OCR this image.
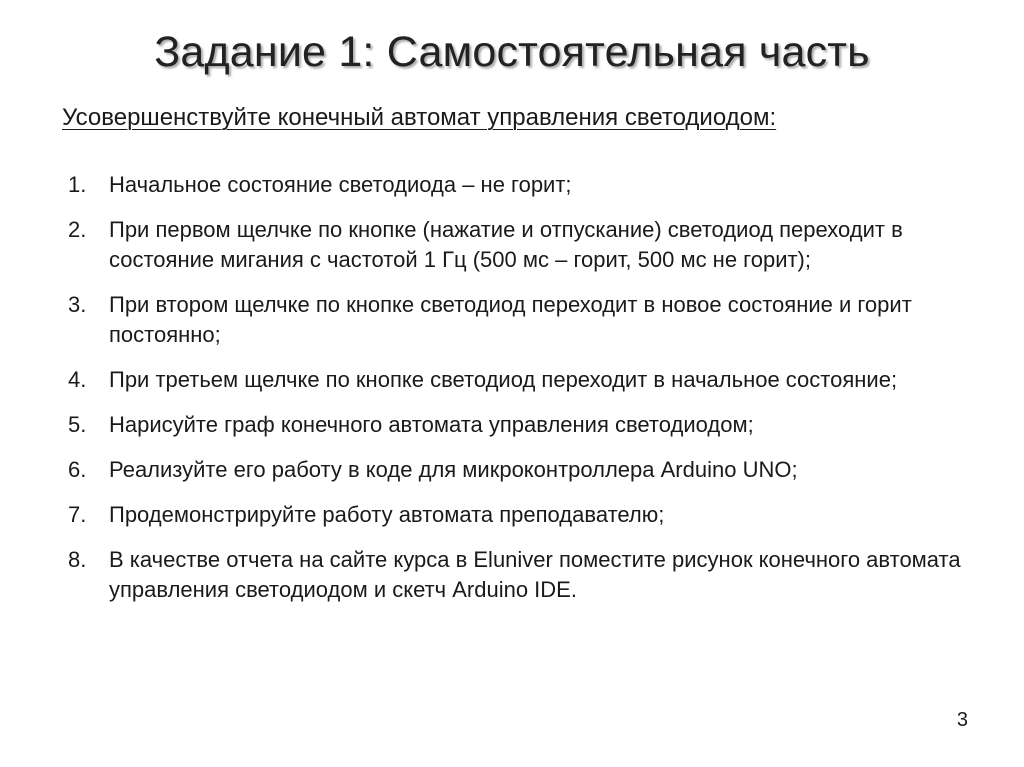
Задание 1: Самостоятельная часть
Усовершенствуйте конечный автомат управления светодиодом:
1.	Начальное состояние светодиода – не горит;
2.	При первом щелчке по кнопке (нажатие и отпускание) светодиод переходит в состояние мигания с частотой 1 Гц (500 мс – горит, 500 мс не горит);
3.	При втором щелчке по кнопке светодиод переходит в новое состояние и горит постоянно;
4.	При третьем щелчке по кнопке светодиод переходит в начальное состояние;
5.	Нарисуйте граф конечного автомата управления светодиодом;
6.	Реализуйте его работу в коде для микроконтроллера Arduino UNO;
7.	Продемонстрируйте работу автомата преподавателю;
8.	В качестве отчета на сайте курса в Eluniver поместите рисунок конечного автомата управления светодиодом и скетч Arduino IDE.
3
